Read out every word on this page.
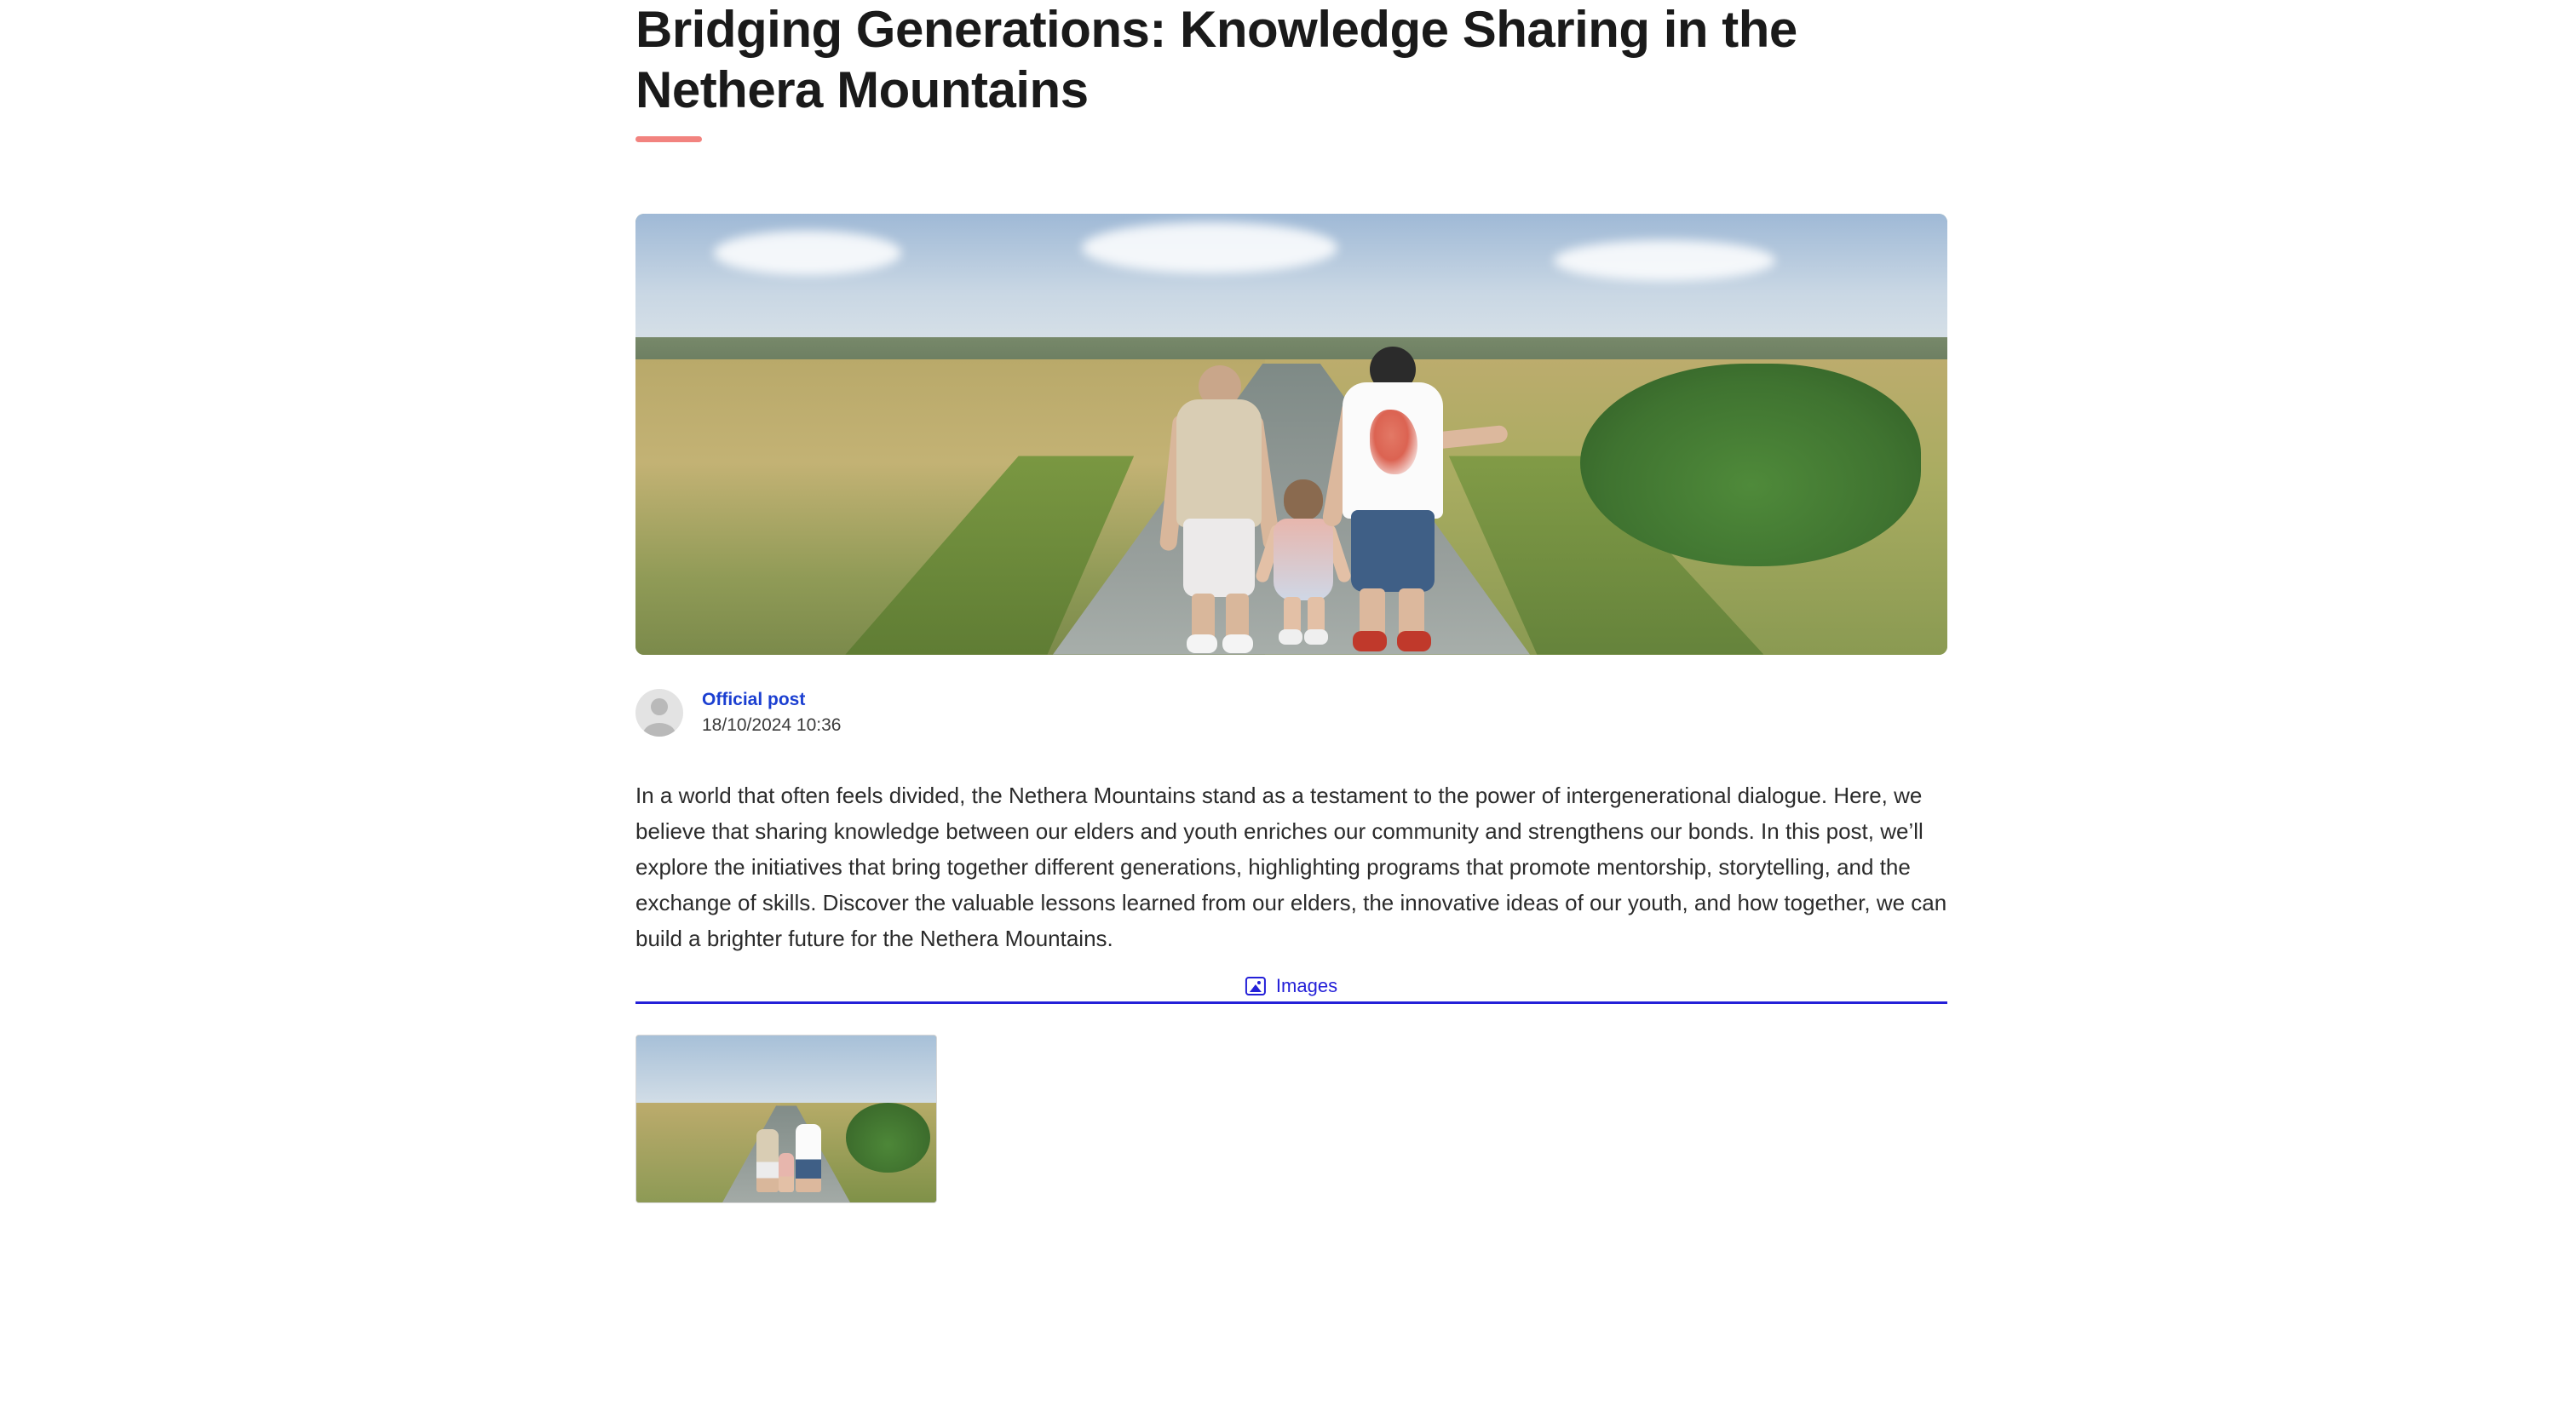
Bridging Generations: Knowledge Sharing in the Nethera Mountains
Official post
18/10/2024 10:36
In a world that often feels divided, the Nethera Mountains stand as a testament to the power of intergenerational dialogue. Here, we believe that sharing knowledge between our elders and youth enriches our community and strengthens our bonds. In this post, we’ll explore the initiatives that bring together different generations, highlighting programs that promote mentorship, storytelling, and the exchange of skills. Discover the valuable lessons learned from our elders, the innovative ideas of our youth, and how together, we can build a brighter future for the Nethera Mountains.
Images
